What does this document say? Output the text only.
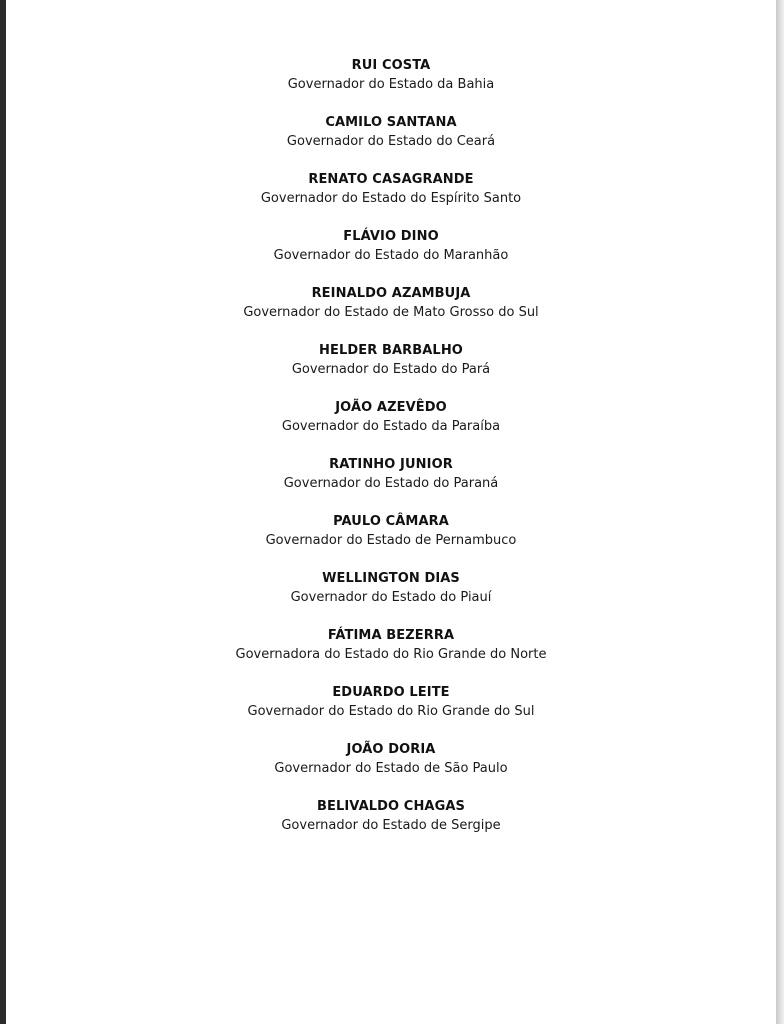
RUI COSTA
Governador do Estado da Bahia
CAMILO SANTANA
Governador do Estado do Ceará
RENATO CASAGRANDE
Governador do Estado do Espírito Santo
FLÁVIO DINO
Governador do Estado do Maranhão
REINALDO AZAMBUJA
Governador do Estado de Mato Grosso do Sul
HELDER BARBALHO
Governador do Estado do Pará
JOÃO AZEVÊDO
Governador do Estado da Paraíba
RATINHO JUNIOR
Governador do Estado do Paraná
PAULO CÂMARA
Governador do Estado de Pernambuco
WELLINGTON DIAS
Governador do Estado do Piauí
FÁTIMA BEZERRA
Governadora do Estado do Rio Grande do Norte
EDUARDO LEITE
Governador do Estado do Rio Grande do Sul
JOÃO DORIA
Governador do Estado de São Paulo
BELIVALDO CHAGAS
Governador do Estado de Sergipe
